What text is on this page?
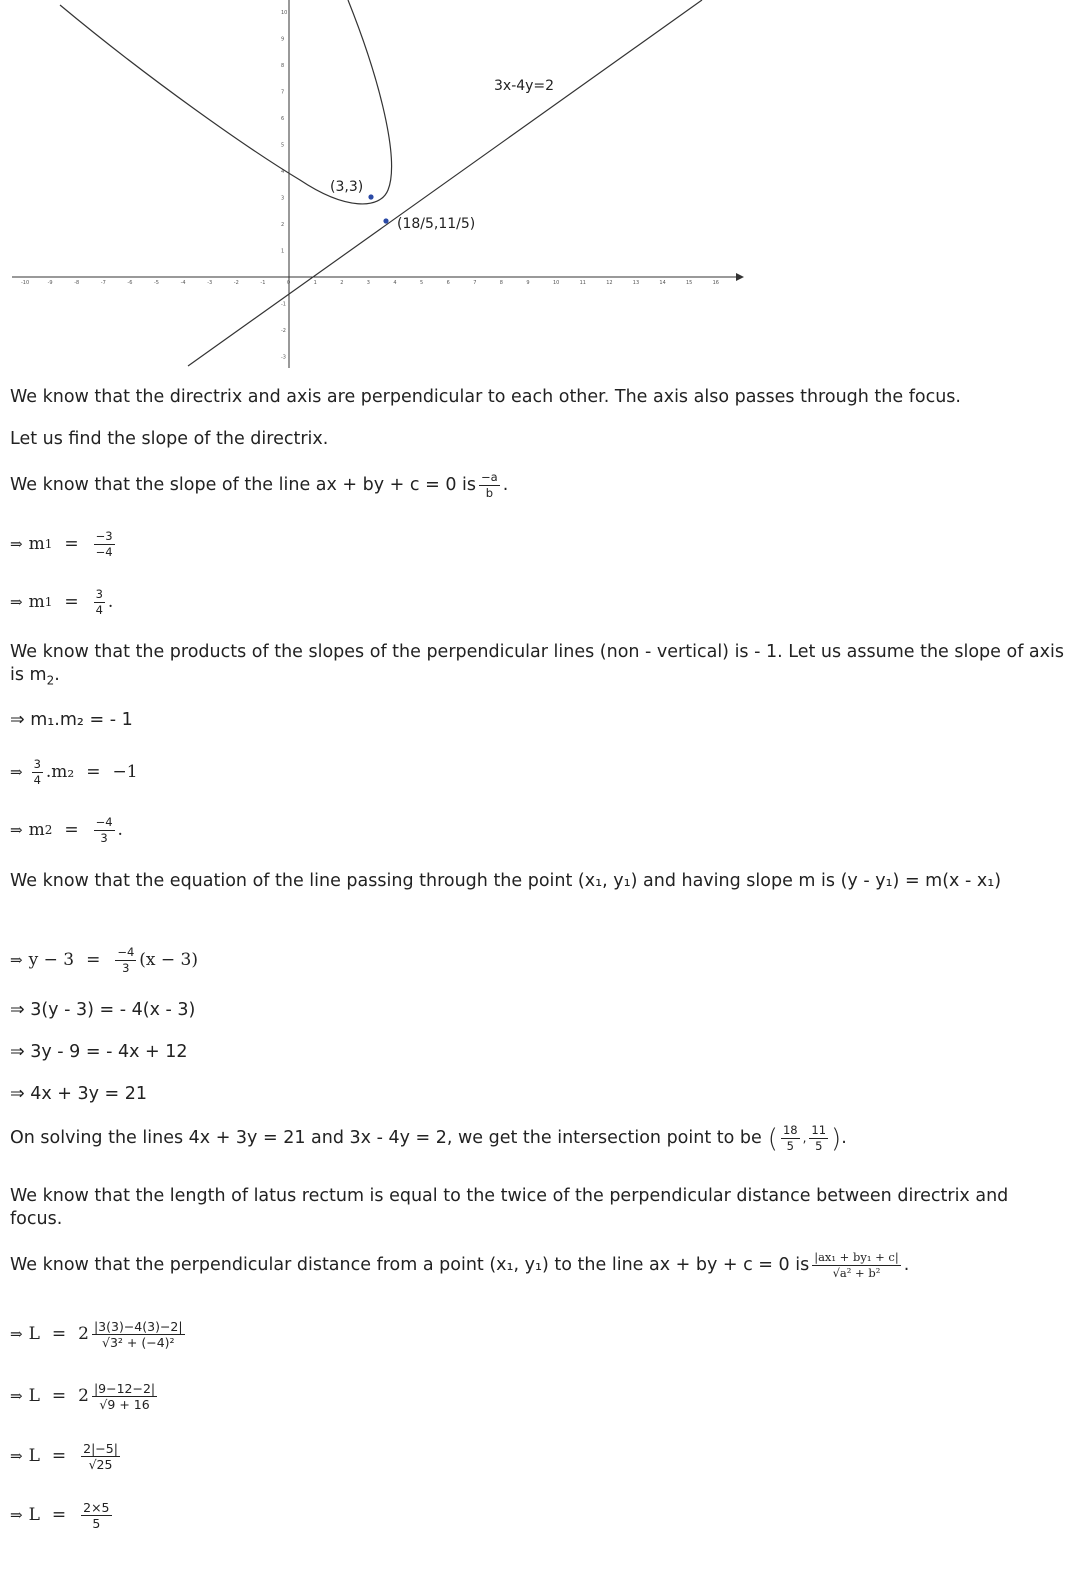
-10	-9	-8	-7	-6	-5	-4	-3	-2	-1	0	1	2	3	4	5	6	7	8	9	10	11	12	13	14	15	16
10
9
8
7
6
5
4
3
2
1
-1
-2
-3
3x-4y=2
(3,3)
(18/5,11/5)
We know that the directrix and axis are perpendicular to each other. The axis also passes through the focus.
Let us find the slope of the directrix.
We know that the slope of the line ax + by + c = 0 is $\frac{-a}{b}$ .
⇒ m $1 = \frac{-3}{-4}$
⇒ m $1 = \frac{3}{4}$ .
We know that the products of the slopes of the perpendicular lines (non - vertical) is - 1. Let us assume the slope of axis is $m_2$.
⇒ m₁.m₂ = - 1
⇒ $\frac{3}{4} .m_2 = -1$
⇒ m $2 = \frac{-4}{3}$ .
We know that the equation of the line passing through the point (x₁, y₁) and having slope m is (y - y₁) = m(x - x₁)
⇒ $y - 3 = \frac{-4}{3} (x - 3)$
⇒ 3(y - 3) = - 4(x - 3)
⇒ 3y - 9 = - 4x + 12
⇒ 4x + 3y = 21
On solving the lines 4x + 3y = 21 and 3x - 4y = 2, we get the intersection point to be ( $\frac{18}{5}$ , $\frac{11}{5}$ ) .
We know that the length of latus rectum is equal to the twice of the perpendicular distance between directrix and focus.
We know that the perpendicular distance from a point (x₁, y₁) to the line ax + by + c = 0 is $\frac{\text{|ax₁ + by₁ + c|}}{\text{√a² + b²}}$ .
⇒ $L = 2 \frac{|3(3)-4(3)-2|}{\text{√3² + (−4)²}}$
⇒ $L = 2 \frac{|9-12-2|}{√9 + 16}$
⇒ $L = \frac{2|-5|}{√25}$
⇒ $L = \frac{2\times 5}{5}$
